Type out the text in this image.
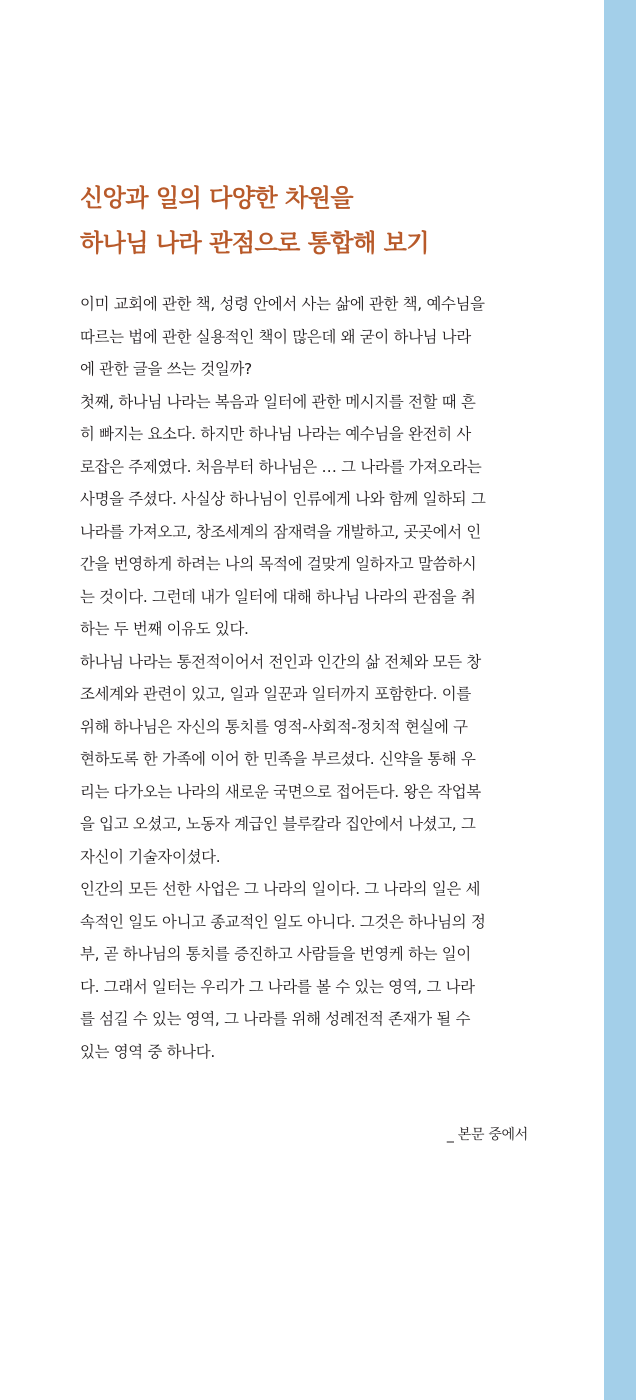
신앙과 일의 다양한 차원을
하나님 나라 관점으로 통합해 보기

이미 교회에 관한 책, 성령 안에서 사는 삶에 관한 책, 예수님을

따르는 법에 관한 실용적인 책이 많은데 왜 굳이 하나님 나라

에 관한 글을 쓰는 것일까?

첫째, 하나님 나라는 복음과 일터에 관한 메시지를 전할 때 흔

히 빠지는 요소다. 하지만 하나님 나라는 예수님을 완전히 사

로잡은 주제였다. 처음부터 하나님은 … 그 나라를 가져오라는

사명을 주셨다. 사실상 하나님이 인류에게 나와 함께 일하되 그

나라를 가져오고, 창조세계의 잠재력을 개발하고, 곳곳에서 인

간을 번영하게 하려는 나의 목적에 걸맞게 일하자고 말씀하시

는 것이다. 그런데 내가 일터에 대해 하나님 나라의 관점을 취

하는 두 번째 이유도 있다.

하나님 나라는 통전적이어서 전인과 인간의 삶 전체와 모든 창

조세계와 관련이 있고, 일과 일꾼과 일터까지 포함한다. 이를

위해 하나님은 자신의 통치를 영적-사회적-정치적 현실에 구

현하도록 한 가족에 이어 한 민족을 부르셨다. 신약을 통해 우

리는 다가오는 나라의 새로운 국면으로 접어든다. 왕은 작업복

을 입고 오셨고, 노동자 계급인 블루칼라 집안에서 나셨고, 그

자신이 기술자이셨다.

인간의 모든 선한 사업은 그 나라의 일이다. 그 나라의 일은 세

속적인 일도 아니고 종교적인 일도 아니다. 그것은 하나님의 정

부, 곧 하나님의 통치를 증진하고 사람들을 번영케 하는 일이

다. 그래서 일터는 우리가 그 나라를 볼 수 있는 영역, 그 나라

를 섬길 수 있는 영역, 그 나라를 위해 성례전적 존재가 될 수

있는 영역 중 하나다.

_ 본문 중에서
